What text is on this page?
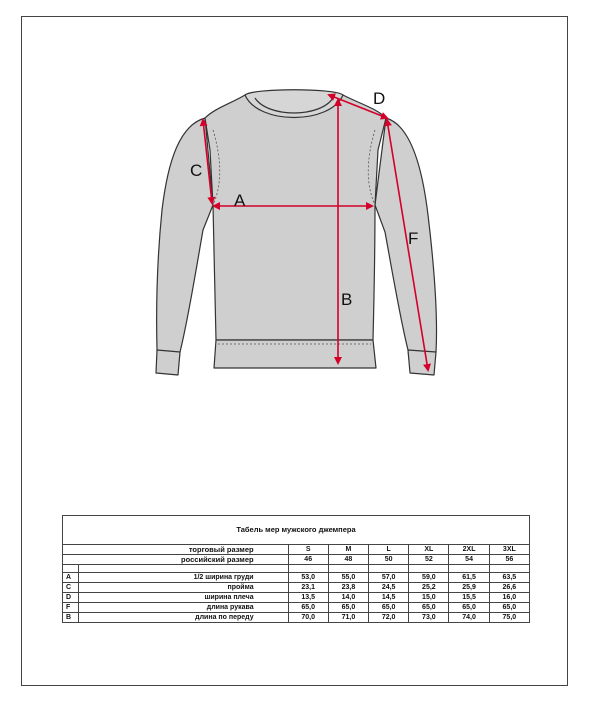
A
B
C
D
F
Табель мер мужского джемпера							
торговый размер		S	M	L	XL	2XL	3XL
российский размер		46	48	50	52	54	56

A	1/2 ширина груди	53,0	55,0	57,0	59,0	61,5	63,5
C	пройма	23,1	23,8	24,5	25,2	25,9	26,6
D	ширина плеча	13,5	14,0	14,5	15,0	15,5	16,0
F	длина рукава	65,0	65,0	65,0	65,0	65,0	65,0
B	длина по переду	70,0	71,0	72,0	73,0	74,0	75,0
